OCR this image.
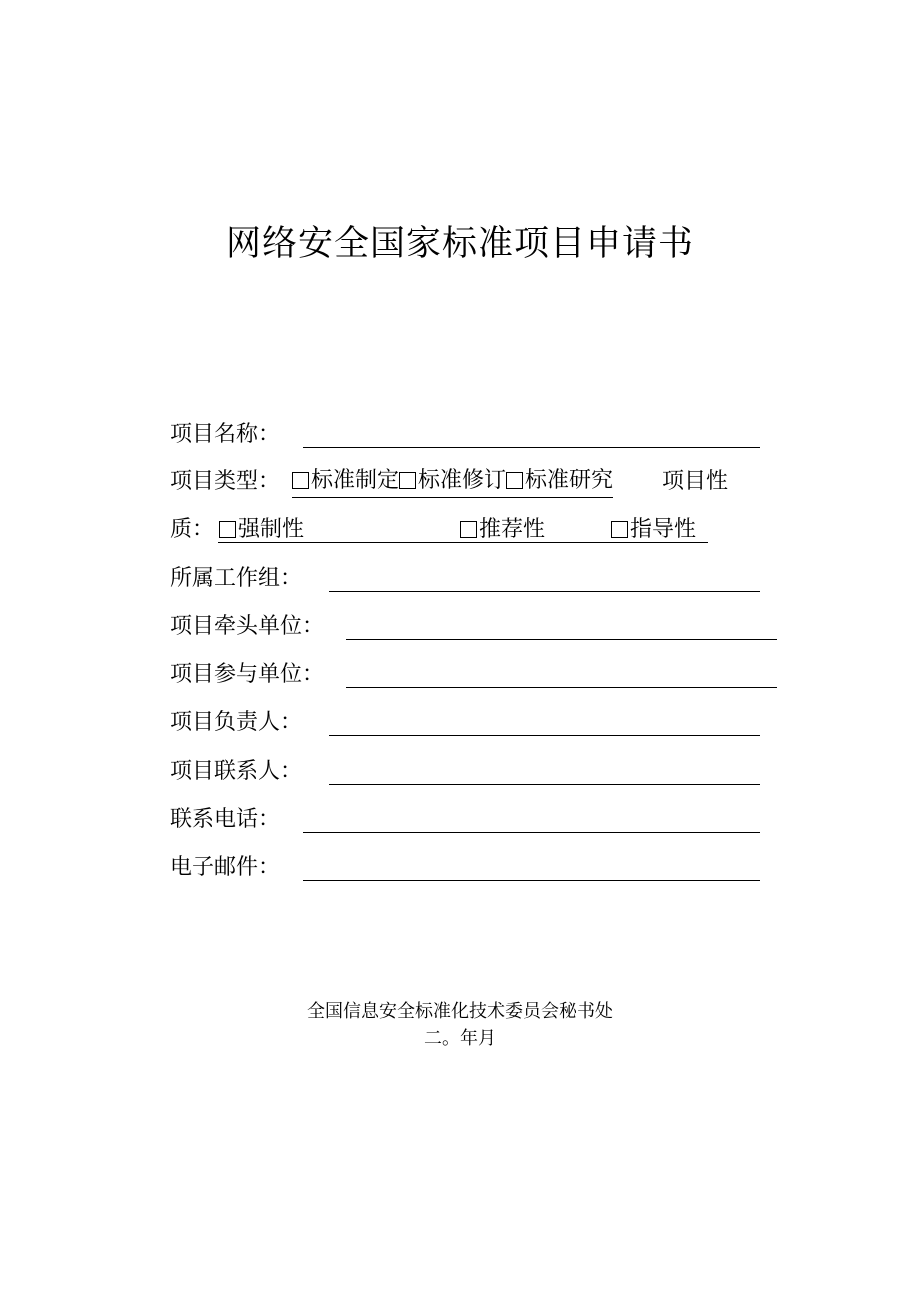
网络安全国家标准项目申请书
项目名称：
项目类型：	标准制定 标准修订 标准研究 项目性
质：	强制性	推荐性	指导性
所属工作组：
项目牵头单位：
项目参与单位：
项目负责人：
项目联系人：
联系电话：
电子邮件：
全国信息安全标准化技术委员会秘书处
二。年月
